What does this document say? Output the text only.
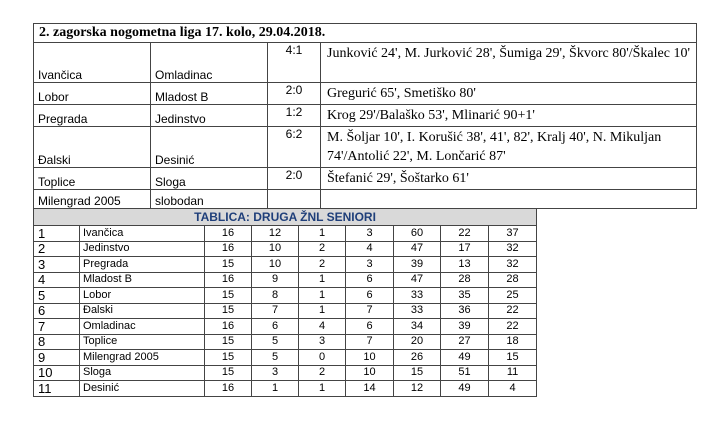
2. zagorska nogometna liga 17. kolo, 29.04.2018.			
Ivančica	Omladinac	4:1	Junković 24', M. Jurković 28', Šumiga 29', Škvorc 80'/Škalec 10'
Lobor	Mladost B	2:0	Gregurić 65', Smetiško 80'
Pregrada	Jedinstvo	1:2	Krog 29'/Balaško 53', Mlinarić 90+1'
Đalski	Desinić	6:2	M. Šoljar 10', I. Korušić 38', 41', 82', Kralj 40', N. Mikuljan 74'/Antolić 22', M. Lončarić 87'
Toplice	Sloga	2:0	Štefanić 29', Šoštarko 61'
Milengrad 2005	slobodan		
TABLICA: DRUGA ŽNL SENIORI								
1	Ivančica	16	12	1	3	60	22	37
2	Jedinstvo	16	10	2	4	47	17	32
3	Pregrada	15	10	2	3	39	13	32
4	Mladost B	16	9	1	6	47	28	28
5	Lobor	15	8	1	6	33	35	25
6	Đalski	15	7	1	7	33	36	22
7	Omladinac	16	6	4	6	34	39	22
8	Toplice	15	5	3	7	20	27	18
9	Milengrad 2005	15	5	0	10	26	49	15
10	Sloga	15	3	2	10	15	51	11
11	Desinić	16	1	1	14	12	49	4
